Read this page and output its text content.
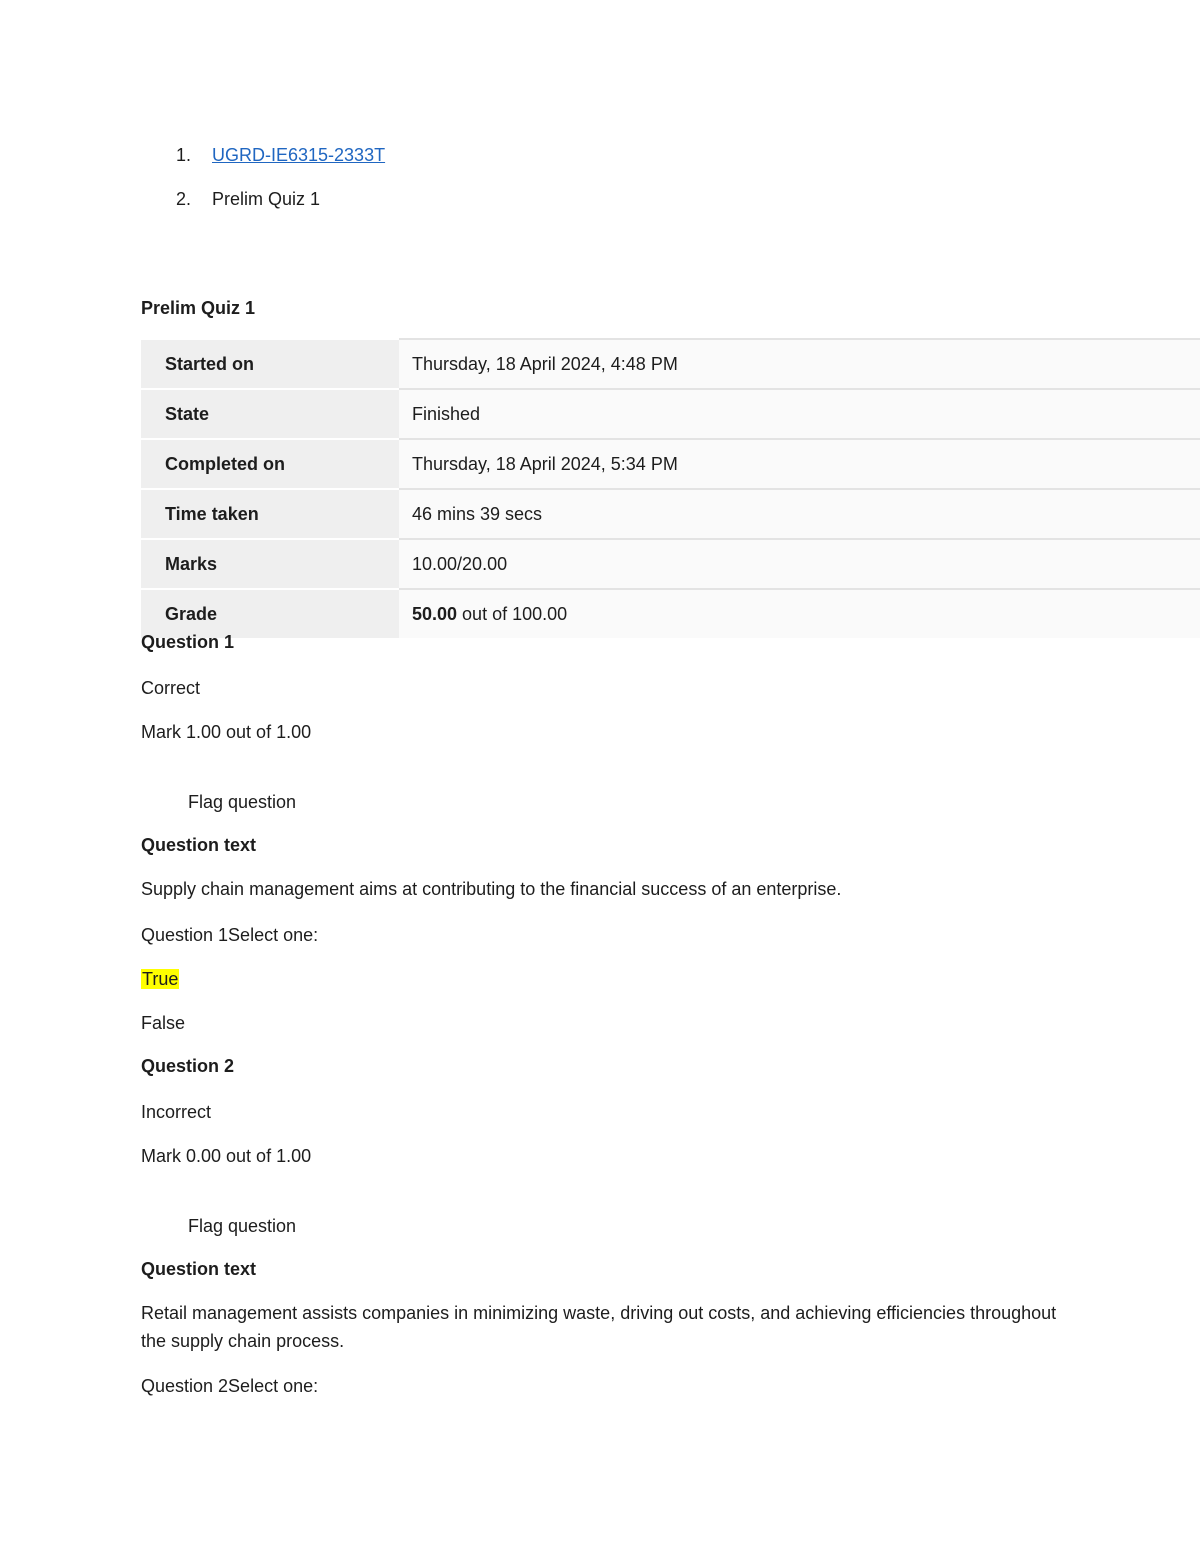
1. UGRD-IE6315-2333T
2. Prelim Quiz 1
Prelim Quiz 1
Started on	Thursday, 18 April 2024, 4:48 PM
State	Finished
Completed on	Thursday, 18 April 2024, 5:34 PM
Time taken	46 mins 39 secs
Marks	10.00/20.00
Grade	50.00 out of 100.00
Question 1
Correct
Mark 1.00 out of 1.00
Flag question
Question text
Supply chain management aims at contributing to the financial success of an enterprise.
Question 1Select one:
True
False
Question 2
Incorrect
Mark 0.00 out of 1.00
Flag question
Question text
Retail management assists companies in minimizing waste, driving out costs, and achieving efficiencies throughout the supply chain process.
Question 2Select one:
